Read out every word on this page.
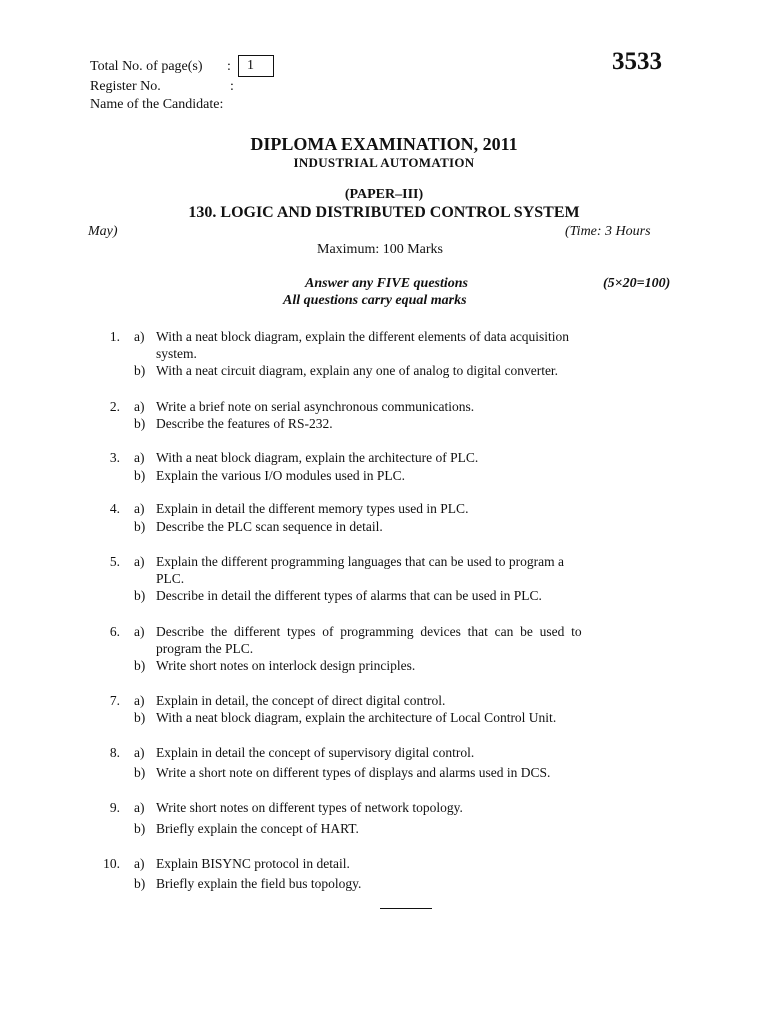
Total No. of page(s) :	1
Register No.	:
Name of the Candidate:
3533
DIPLOMA EXAMINATION, 2011
INDUSTRIAL AUTOMATION
(PAPER–III)
130. LOGIC AND DISTRIBUTED CONTROL SYSTEM
May)	(Time: 3 Hours
Maximum: 100 Marks
Answer any FIVE questions	(5×20=100)
All questions carry equal marks
1. a) With a neat block diagram, explain the different elements of data acquisition
system.
b) With a neat circuit diagram, explain any one of analog to digital converter.
2. a) Write a brief note on serial asynchronous communications.
b) Describe the features of RS-232.
3. a) With a neat block diagram, explain the architecture of PLC.
b) Explain the various I/O modules used in PLC.
4. a) Explain in detail the different memory types used in PLC.
b) Describe the PLC scan sequence in detail.
5. a) Explain the different programming languages that can be used to program a
PLC.
b) Describe in detail the different types of alarms that can be used in PLC.
6. a) Describe  the  different  types  of  programming  devices  that  can  be  used  to
program the PLC.
b) Write short notes on interlock design principles.
7. a) Explain in detail, the concept of direct digital control.
b) With a neat block diagram, explain the architecture of Local Control Unit.
8. a) Explain in detail the concept of supervisory digital control.
b) Write a short note on different types of displays and alarms used in DCS.
9. a) Write short notes on different types of network topology.
b) Briefly explain the concept of HART.
10. a) Explain BISYNC protocol in detail.
b) Briefly explain the field bus topology.
